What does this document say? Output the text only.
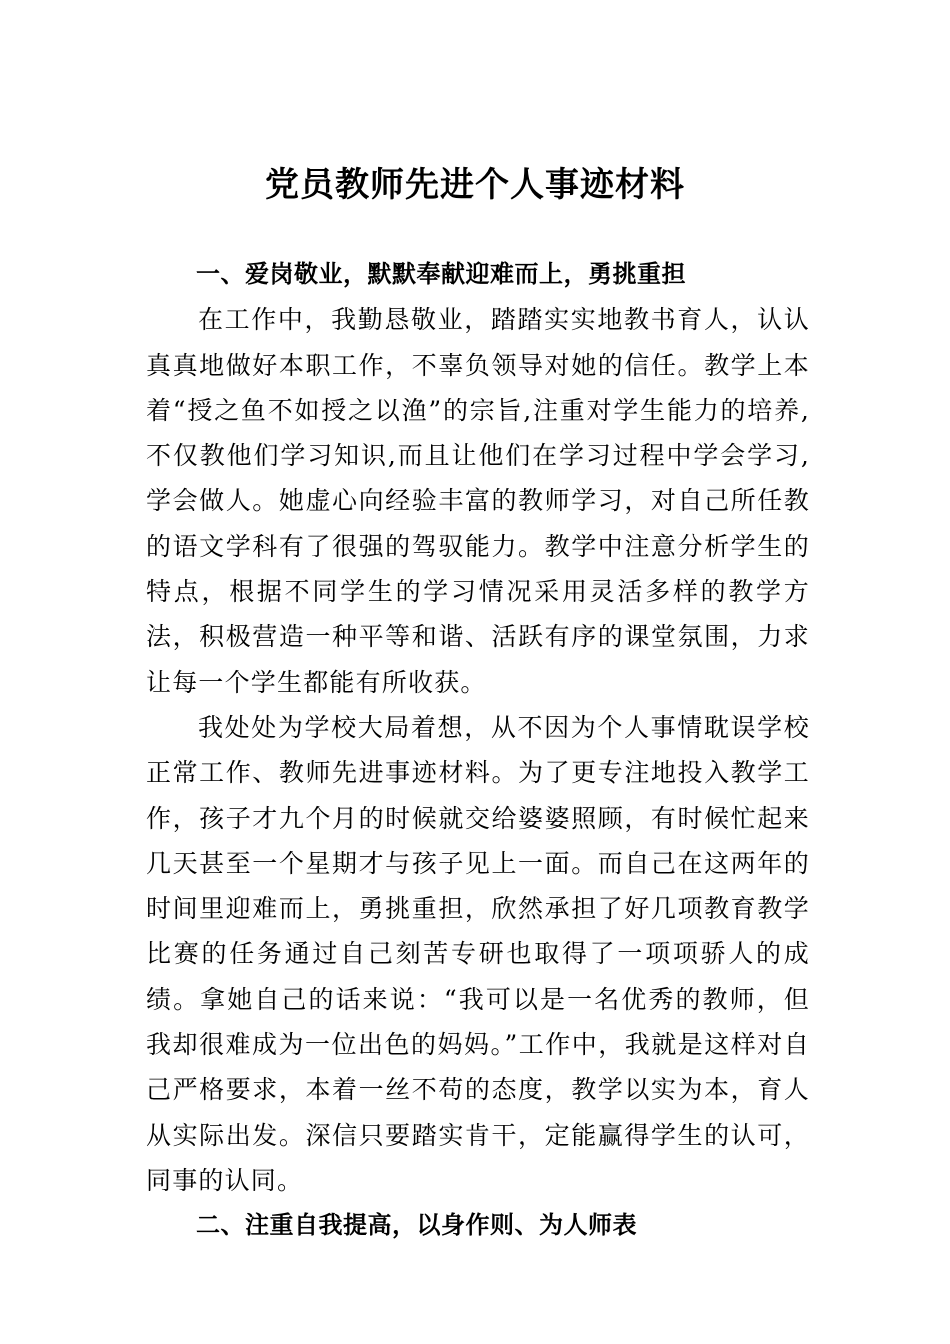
党员教师先进个人事迹材料

一、爱岗敬业，默默奉献迎难而上，勇挑重担

在工作中，我勤恳敬业，踏踏实实地教书育人，认认真真地做好本职工作，不辜负领导对她的信任。教学上本着“授之鱼不如授之以渔”的宗旨,注重对学生能力的培养,不仅教他们学习知识,而且让他们在学习过程中学会学习,学会做人。她虚心向经验丰富的教师学习，对自己所任教的语文学科有了很强的驾驭能力。教学中注意分析学生的特点，根据不同学生的学习情况采用灵活多样的教学方法，积极营造一种平等和谐、活跃有序的课堂氛围，力求让每一个学生都能有所收获。

我处处为学校大局着想，从不因为个人事情耽误学校正常工作、教师先进事迹材料。为了更专注地投入教学工作，孩子才九个月的时候就交给婆婆照顾，有时候忙起来几天甚至一个星期才与孩子见上一面。而自己在这两年的时间里迎难而上，勇挑重担，欣然承担了好几项教育教学比赛的任务通过自己刻苦专研也取得了一项项骄人的成绩。拿她自己的话来说：“我可以是一名优秀的教师，但我却很难成为一位出色的妈妈。”工作中，我就是这样对自己严格要求，本着一丝不苟的态度，教学以实为本，育人从实际出发。深信只要踏实肯干，定能赢得学生的认可，同事的认同。

二、注重自我提高，以身作则、为人师表
